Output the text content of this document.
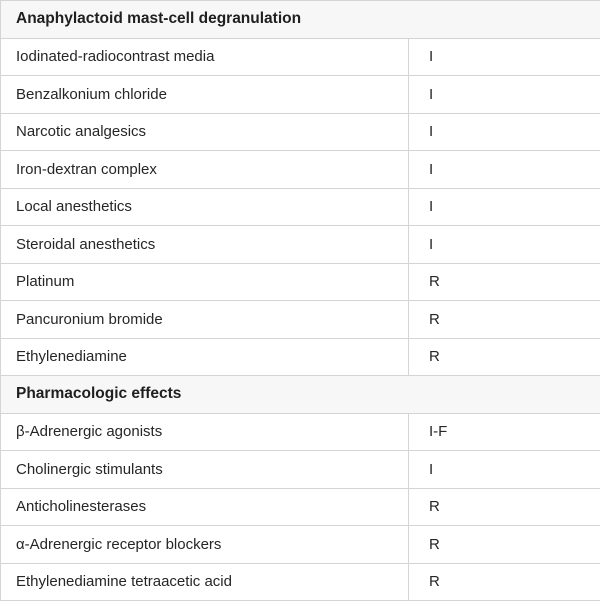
Anaphylactoid mast-cell degranulation
Iodinated-radiocontrast media	I
Benzalkonium chloride	I
Narcotic analgesics	I
Iron-dextran complex	I
Local anesthetics	I
Steroidal anesthetics	I
Platinum	R
Pancuronium bromide	R
Ethylenediamine	R
Pharmacologic effects
β-Adrenergic agonists	I-F
Cholinergic stimulants	I
Anticholinesterases	R
α-Adrenergic receptor blockers	R
Ethylenediamine tetraacetic acid	R
